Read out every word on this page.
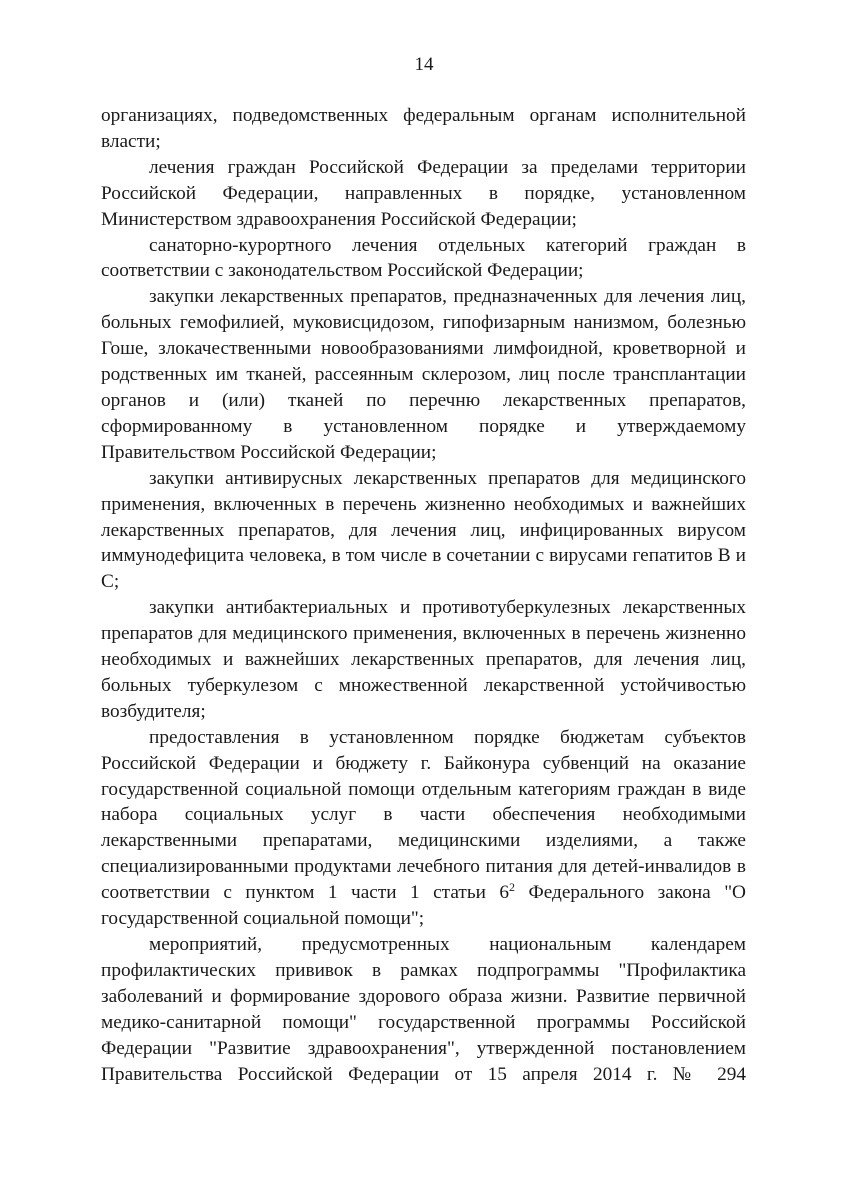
14

организациях, подведомственных федеральным органам исполнительной власти;

лечения граждан Российской Федерации за пределами территории Российской Федерации, направленных в порядке, установленном Министерством здравоохранения Российской Федерации;

санаторно-курортного лечения отдельных категорий граждан в соответствии с законодательством Российской Федерации;

закупки лекарственных препаратов, предназначенных для лечения лиц, больных гемофилией, муковисцидозом, гипофизарным нанизмом, болезнью Гоше, злокачественными новообразованиями лимфоидной, кроветворной и родственных им тканей, рассеянным склерозом, лиц после трансплантации органов и (или) тканей по перечню лекарственных препаратов, сформированному в установленном порядке и утверждаемому Правительством Российской Федерации;

закупки антивирусных лекарственных препаратов для медицинского применения, включенных в перечень жизненно необходимых и важнейших лекарственных препаратов, для лечения лиц, инфицированных вирусом иммунодефицита человека, в том числе в сочетании с вирусами гепатитов B и C;

закупки антибактериальных и противотуберкулезных лекарственных препаратов для медицинского применения, включенных в перечень жизненно необходимых и важнейших лекарственных препаратов, для лечения лиц, больных туберкулезом с множественной лекарственной устойчивостью возбудителя;

предоставления в установленном порядке бюджетам субъектов Российской Федерации и бюджету г. Байконура субвенций на оказание государственной социальной помощи отдельным категориям граждан в виде набора социальных услуг в части обеспечения необходимыми лекарственными препаратами, медицинскими изделиями, а также специализированными продуктами лечебного питания для детей-инвалидов в соответствии с пунктом 1 части 1 статьи $6^2$ Федерального закона "О государственной социальной помощи";

мероприятий, предусмотренных национальным календарем профилактических прививок в рамках подпрограммы "Профилактика заболеваний и формирование здорового образа жизни. Развитие первичной медико-санитарной помощи" государственной программы Российской Федерации "Развитие здравоохранения", утвержденной постановлением Правительства Российской Федерации от 15 апреля 2014 г. № 294
